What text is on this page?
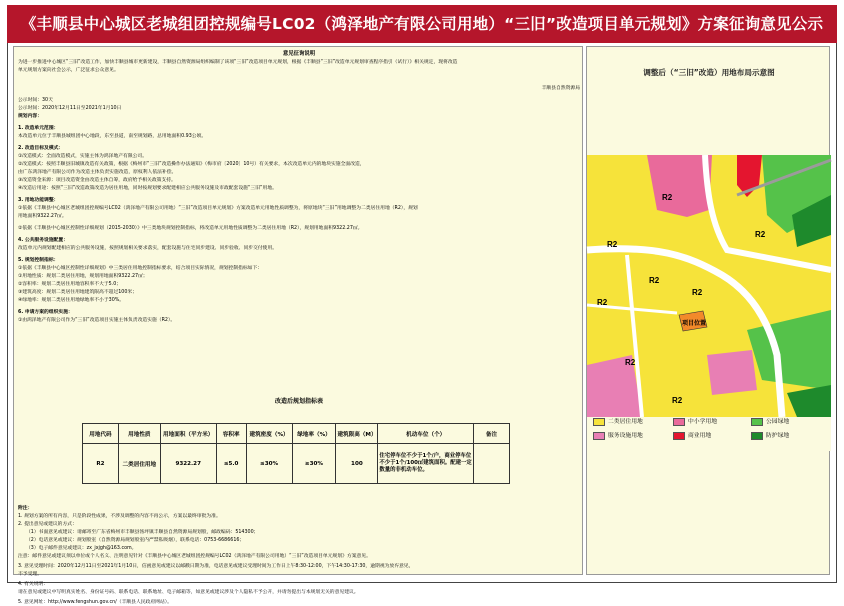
《丰顺县中心城区老城组团控规编号LC02（鸿泽地产有限公司用地）“三旧”改造项目单元规划》方案征询意见公示
意见征询说明
为进一步推进中心城区“三旧”改造工作，加快丰顺县城市更新建设，丰顺县自然资源局组织编制了该项“三旧”改造项目单元规划，根据《丰顺县“三旧”改造单元规划审查程序指引（试行）》相关规定，现将改造
单元规划方案向社会公示，广泛征求公众意见。
丰顺县自然资源局
公示时间：30天
公示时间：2020年12月11日至2021年1月10日
规划内容：
1. 改造单元范围：
本改造单元位于丰顺县城组团中心地段，东至县道，南至规划路，总用地面积0.93公顷。
2. 改造目标及模式：
①改造模式：全面改造模式，实施主体为鸿泽地产有限公司。
②改造模式：按照丰顺县旧城镇改造有关政策，根据《梅州市“三旧”改造操作办法通知》（梅市府〔2020〕10号）有关要求，本次改造单元内的地块实施全面改造，
由广东鸿泽地产有限公司作为改造主体负责实施改造，原权利人依法补偿。
③改造资金来源：项目改造资金由改造主体自筹，政府给予相关政策支持。
④改造后用途：按照“三旧”改造政策改造为居住用地，同时按规划要求配建相应公共服务设施及市政配套设施“三旧”用地。
3. 用地功能调整：
①依据《丰顺县中心城区老城组团控规编号LC02（鸿泽地产有限公司用地）“三旧”改造项目单元规划》方案改造单元用地性质调整为，将原地块“三旧”用地调整为二类居住用地（R2），规划
用地面积9322.27㎡。
②依据《丰顺县中心城区控制性详细规划（2015-2030）》中三类地块规划控制指标，将改造单元用地性质调整为二类居住用地（R2），规划用地面积9322.27㎡。
4. 公共服务设施配置：
改造单元内规划配建相应的公共服务设施，按照规划相关要求落实，配套设施与住宅同步建设、同步验收、同步交付使用。
5. 规划控制指标：
①依据《丰顺县中心城区控制性详细规划》中三类居住用地控制指标要求，结合项目实际情况，规划控制指标如下：
①用地性质：规划二类居住用地，规划用地面积9322.27㎡；
②容积率：规划二类居住用地容积率不大于5.0；
③建筑高度：规划二类居住用地建筑限高不超过100米；
④绿地率：规划二类居住用地绿地率不小于30%。
6. 申请方案的组织实施：
①由鸿泽地产有限公司作为“三旧”改造项目实施主体负责改造实施（R2）。
改造后规划指标表
用地代码	用地性质	用地面积（平方米）	容积率	建筑密度（%）	绿地率（%）	建筑限高（M）	机动车位（个）	备注
R2	二类居住用地	9322.27	≤5.0	≤30%	≥30%	100	住宅停车位不少于1个/户，商业停车位不少于1个/100㎡建筑面积。配建一定数量的非机动车位。	
附注：
1. 规划方案的所有内容，只是阶段性成果，不涉及调整的内容不再公示，方案以最终审批为准。
2. 提出意见或建议的方式：
（1）书面意见或建议：请邮寄至广东省梅州市丰顺县汤坪镇丰顺县自然资源局规划股，邮政编码：514300；
（2）电话意见或建议：规划股室（自然资源局规划股室内严禁私吸烟），联系电话：0753-6686616；
（3）电子邮件意见或建议：zx_jxjgh@163.com。
注意：邮件意见或建议须以单位或个人名义、注明意见针对《丰顺县中心城区老城组团控规编号LC02（鸿泽地产有限公司用地）“三旧”改造项目单元规划》方案意见。
3. 意见受理时间：2020年12月11日至2021年1月10日，信函意见或建议以邮戳日期为准，电话意见或建议受理时间为工作日上午8:30-12:00，下午14:30-17:30，逾期视为放弃意见，
不予受理。
4. 有关说明：
请在意见或建议中写明真实姓名、身份证号码、联系电话、联系地址、电子邮箱等，如意见或建议涉及个人隐私不予公开，并请勿提出与本规划无关的意见建议。
5. 意见网址：http://www.fengshun.gov.cn/（丰顺县人民政府网站）。
调整后（“三旧”改造）用地布局示意图
R2
R2
R2
R2
R2
R2
R2
R2
项目位置
二类居住用地	中小学用地	公园绿地
服务设施用地	商业用地	防护绿地
